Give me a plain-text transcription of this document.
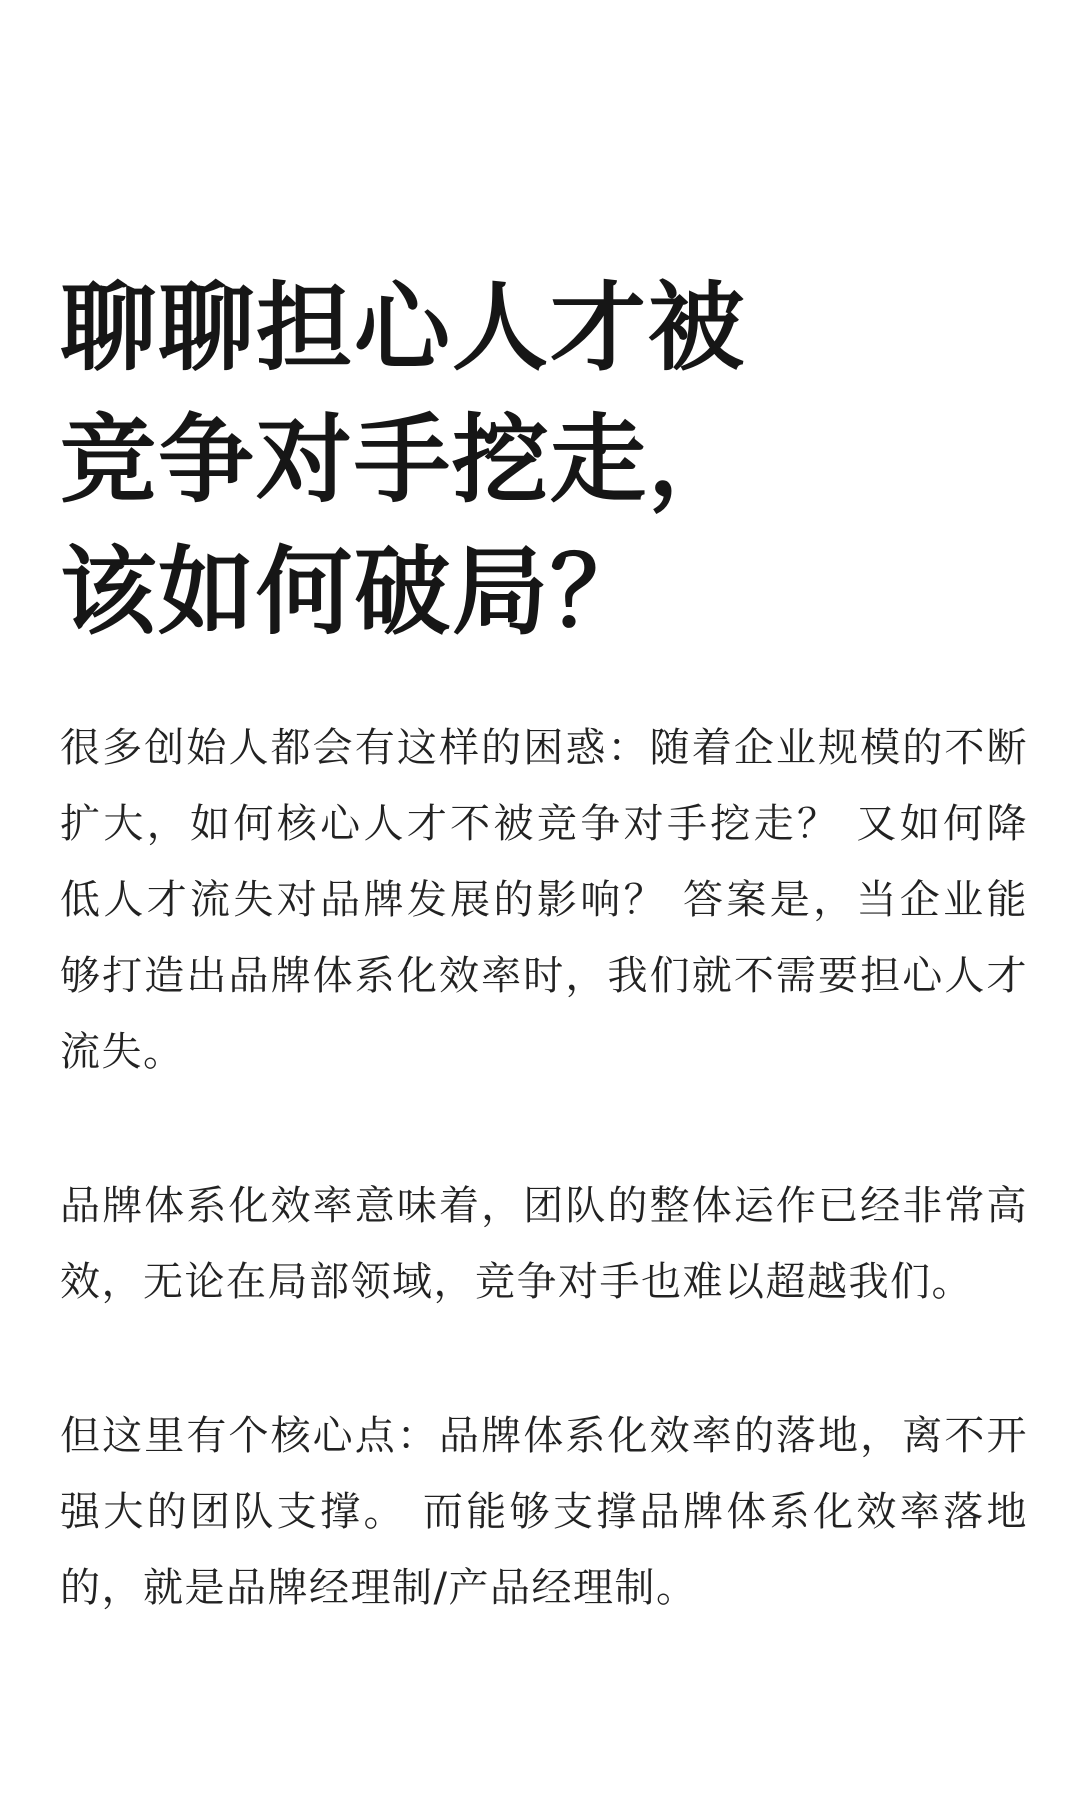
聊聊担心人才被
竞争对手挖走，
该如何破局？

很多创始人都会有这样的困惑：随着企业规模的不断扩大，如何核心人才不被竞争对手挖走？ 又如何降低人才流失对品牌发展的影响？ 答案是，当企业能够打造出品牌体系化效率时，我们就不需要担心人才流失。

品牌体系化效率意味着，团队的整体运作已经非常高效，无论在局部领域，竞争对手也难以超越我们。

但这里有个核心点：品牌体系化效率的落地，离不开强大的团队支撑。 而能够支撑品牌体系化效率落地的，就是品牌经理制/产品经理制。
